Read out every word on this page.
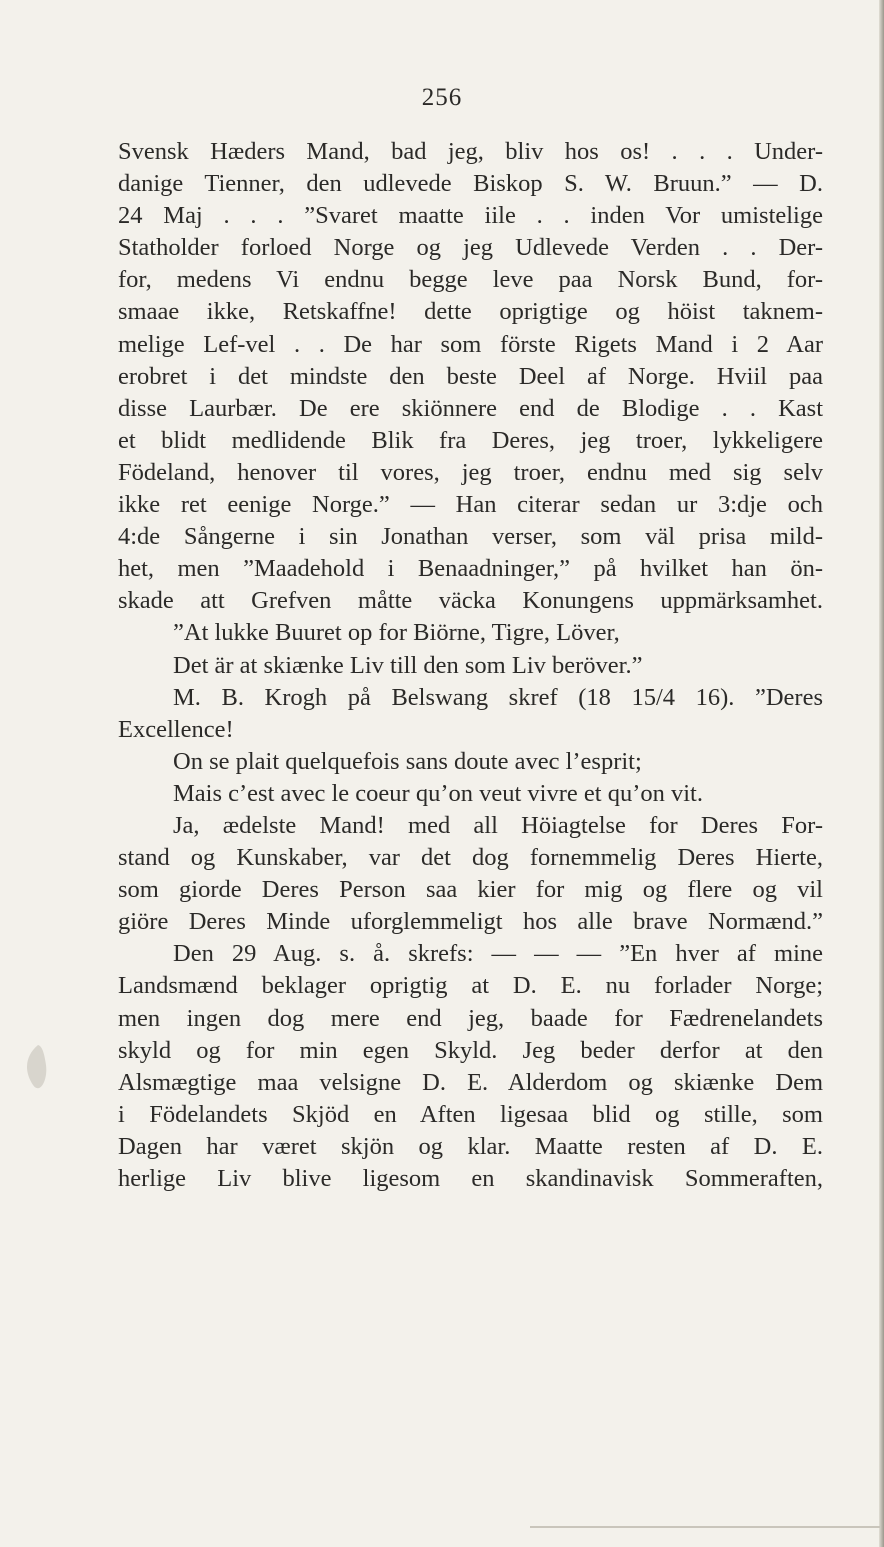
256
Svensk Hæders Mand, bad jeg, bliv hos os! . . . Under-
danige Tienner, den udlevede Biskop S. W. Bruun.” — D.
24 Maj . . . ”Svaret maatte iile . . inden Vor umistelige
Statholder forloed Norge og jeg Udlevede Verden . . Der-
for, medens Vi endnu begge leve paa Norsk Bund, for-
smaae ikke, Retskaffne! dette oprigtige og höist taknem-
melige Lef-vel . . De har som förste Rigets Mand i 2 Aar
erobret i det mindste den beste Deel af Norge. Hviil paa
disse Laurbær. De ere skiönnere end de Blodige . . Kast
et blidt medlidende Blik fra Deres, jeg troer, lykkeligere
Födeland, henover til vores, jeg troer, endnu med sig selv
ikke ret eenige Norge.” — Han citerar sedan ur 3:dje och
4:de Sångerne i sin Jonathan verser, som väl prisa mild-
het, men ”Maadehold i Benaadninger,” på hvilket han ön-
skade att Grefven måtte väcka Konungens uppmärksamhet.
”At lukke Buuret op for Biörne, Tigre, Löver,
Det är at skiænke Liv till den som Liv beröver.”
M. B. Krogh på Belswang skref (18 15/4 16). ”Deres
Excellence!
On se plait quelquefois sans doute avec l’esprit;
Mais c’est avec le coeur qu’on veut vivre et qu’on vit.
Ja, ædelste Mand! med all Höiagtelse for Deres For-
stand og Kunskaber, var det dog fornemmelig Deres Hierte,
som giorde Deres Person saa kier for mig og flere og vil
giöre Deres Minde uforglemmeligt hos alle brave Normænd.”
Den 29 Aug. s. å. skrefs: — — — ”En hver af mine
Landsmænd beklager oprigtig at D. E. nu forlader Norge;
men ingen dog mere end jeg, baade for Fædrenelandets
skyld og for min egen Skyld. Jeg beder derfor at den
Alsmægtige maa velsigne D. E. Alderdom og skiænke Dem
i Födelandets Skjöd en Aften ligesaa blid og stille, som
Dagen har været skjön og klar. Maatte resten af D. E.
herlige Liv blive ligesom en skandinavisk Sommeraften,
